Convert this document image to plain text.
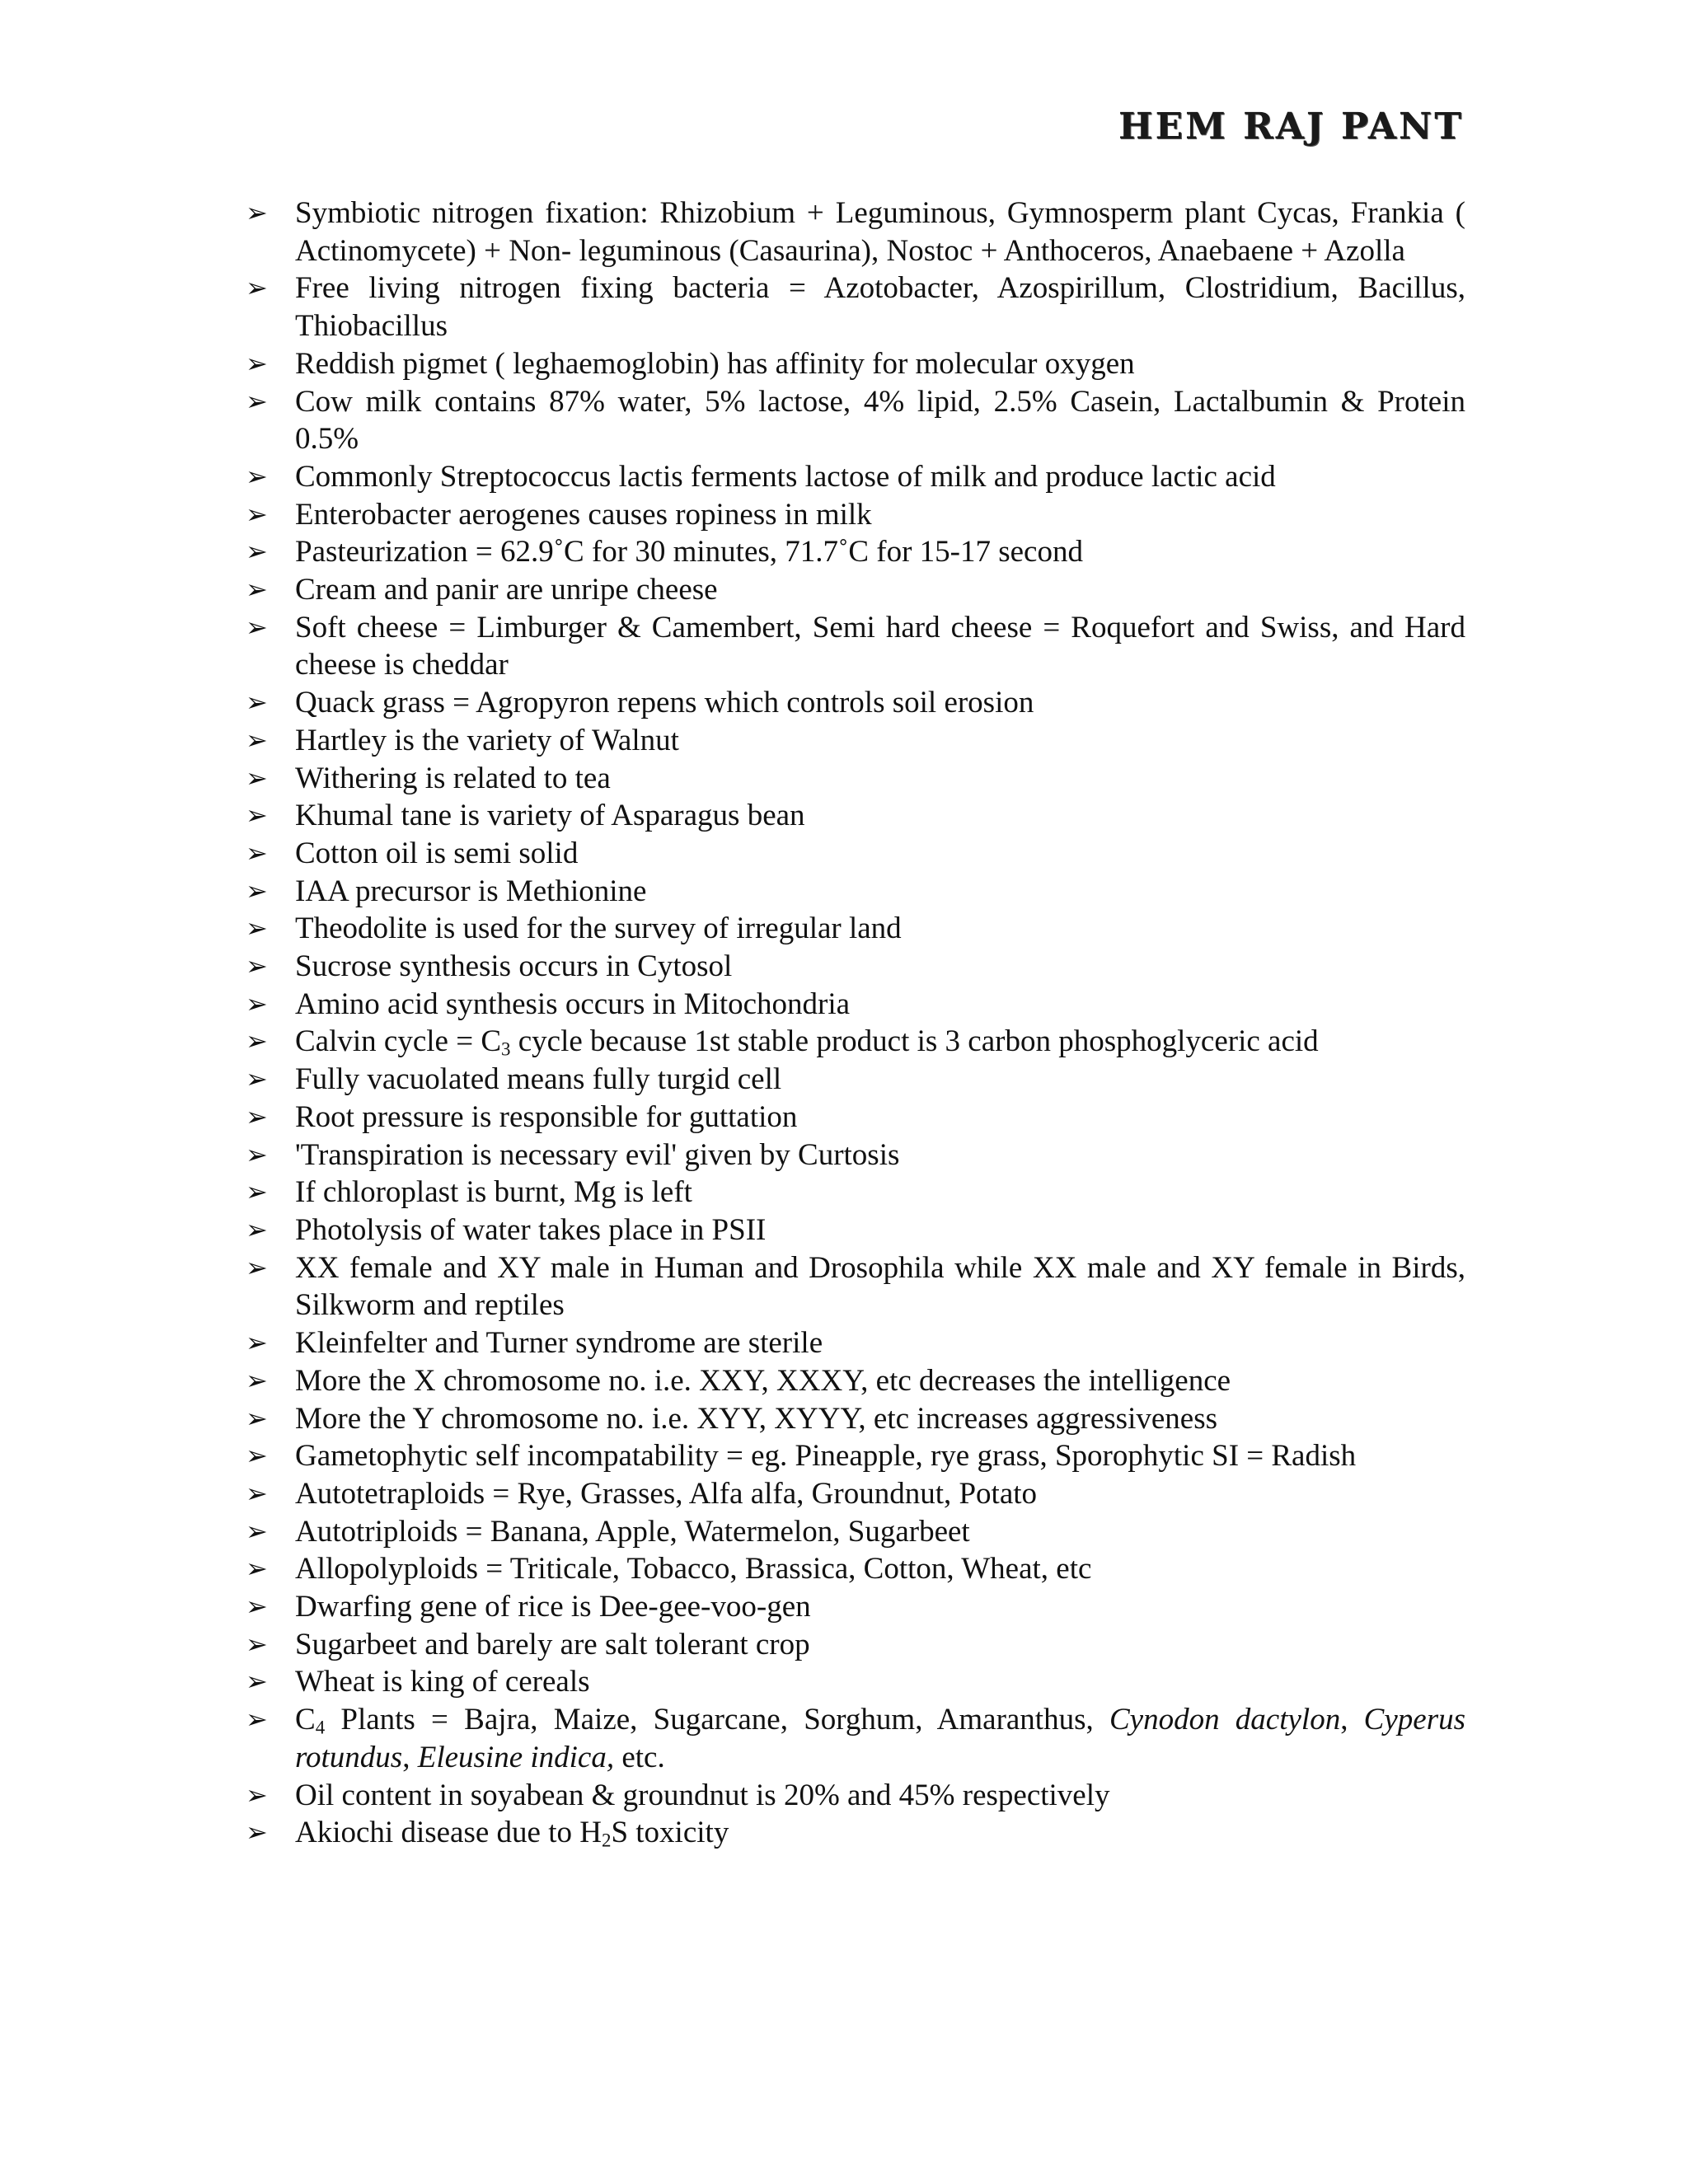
HEM RAJ PANT
➢ Symbiotic nitrogen fixation: Rhizobium + Leguminous, Gymnosperm plant Cycas, Frankia ( Actinomycete) + Non- leguminous (Casaurina), Nostoc + Anthoceros, Anaebaene + Azolla
➢ Free living nitrogen fixing bacteria = Azotobacter, Azospirillum, Clostridium, Bacillus, Thiobacillus
➢ Reddish pigmet ( leghaemoglobin) has affinity for molecular oxygen
➢ Cow milk contains 87% water, 5% lactose, 4% lipid, 2.5% Casein, Lactalbumin & Protein 0.5%
➢ Commonly Streptococcus lactis ferments lactose of milk and produce lactic acid
➢ Enterobacter aerogenes causes ropiness in milk
➢ Pasteurization = 62.9˚C for 30 minutes, 71.7˚C for 15-17 second
➢ Cream and panir are unripe cheese
➢ Soft cheese = Limburger & Camembert, Semi hard cheese = Roquefort and Swiss, and Hard cheese is cheddar
➢ Quack grass = Agropyron repens which controls soil erosion
➢ Hartley is the variety of Walnut
➢ Withering is related to tea
➢ Khumal tane is variety of Asparagus bean
➢ Cotton oil is semi solid
➢ IAA precursor is Methionine
➢ Theodolite is used for the survey of irregular land
➢ Sucrose synthesis occurs in Cytosol
➢ Amino acid synthesis occurs in Mitochondria
➢ Calvin cycle = $C_3$ cycle because 1st stable product is 3 carbon phosphoglyceric acid
➢ Fully vacuolated means fully turgid cell
➢ Root pressure is responsible for guttation
➢ 'Transpiration is necessary evil' given by Curtosis
➢ If chloroplast is burnt, Mg is left
➢ Photolysis of water takes place in PSII
➢ XX female and XY male in Human and Drosophila while XX male and XY female in Birds, Silkworm and reptiles
➢ Kleinfelter and Turner syndrome are sterile
➢ More the X chromosome no. i.e. XXY, XXXY, etc decreases the intelligence
➢ More the Y chromosome no. i.e. XYY, XYYY, etc increases aggressiveness
➢ Gametophytic self incompatability = eg. Pineapple, rye grass, Sporophytic SI = Radish
➢ Autotetraploids = Rye, Grasses, Alfa alfa, Groundnut, Potato
➢ Autotriploids = Banana, Apple, Watermelon, Sugarbeet
➢ Allopolyploids = Triticale, Tobacco, Brassica, Cotton, Wheat, etc
➢ Dwarfing gene of rice is Dee-gee-voo-gen
➢ Sugarbeet and barely are salt tolerant crop
➢ Wheat is king of cereals
➢ $C_4$ Plants = Bajra, Maize, Sugarcane, Sorghum, Amaranthus, Cynodon dactylon, Cyperus rotundus, Eleusine indica, etc.
➢ Oil content in soyabean & groundnut is 20% and 45% respectively
➢ Akiochi disease due to $H_2S$ toxicity
